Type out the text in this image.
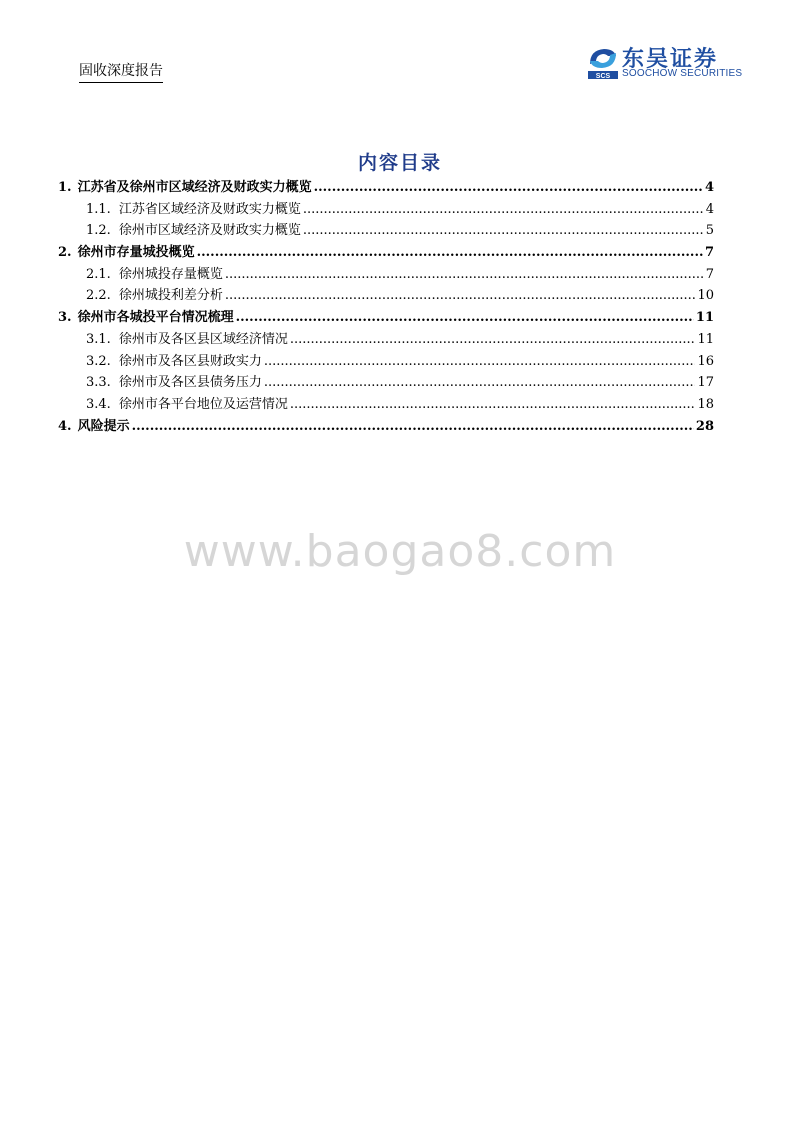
固收深度报告	SCS
东吴证券
SOOCHOW SECURITIES
内容目录
1. 江苏省及徐州市区域经济及财政实力概览 .....	4
1.1. 江苏省区域经济及财政实力概览 .....	4
1.2. 徐州市区域经济及财政实力概览 .....	5
2. 徐州市存量城投概览 .....	7
2.1. 徐州城投存量概览 .....	7
2.2. 徐州城投利差分析 .....	10
3. 徐州市各城投平台情况梳理 .....	11
3.1. 徐州市及各区县区域经济情况 .....	11
3.2. 徐州市及各区县财政实力 .....	16
3.3. 徐州市及各区县债务压力 .....	17
3.4. 徐州市各平台地位及运营情况 .....	18
4. 风险提示 .....	28
www.baogao8.com
